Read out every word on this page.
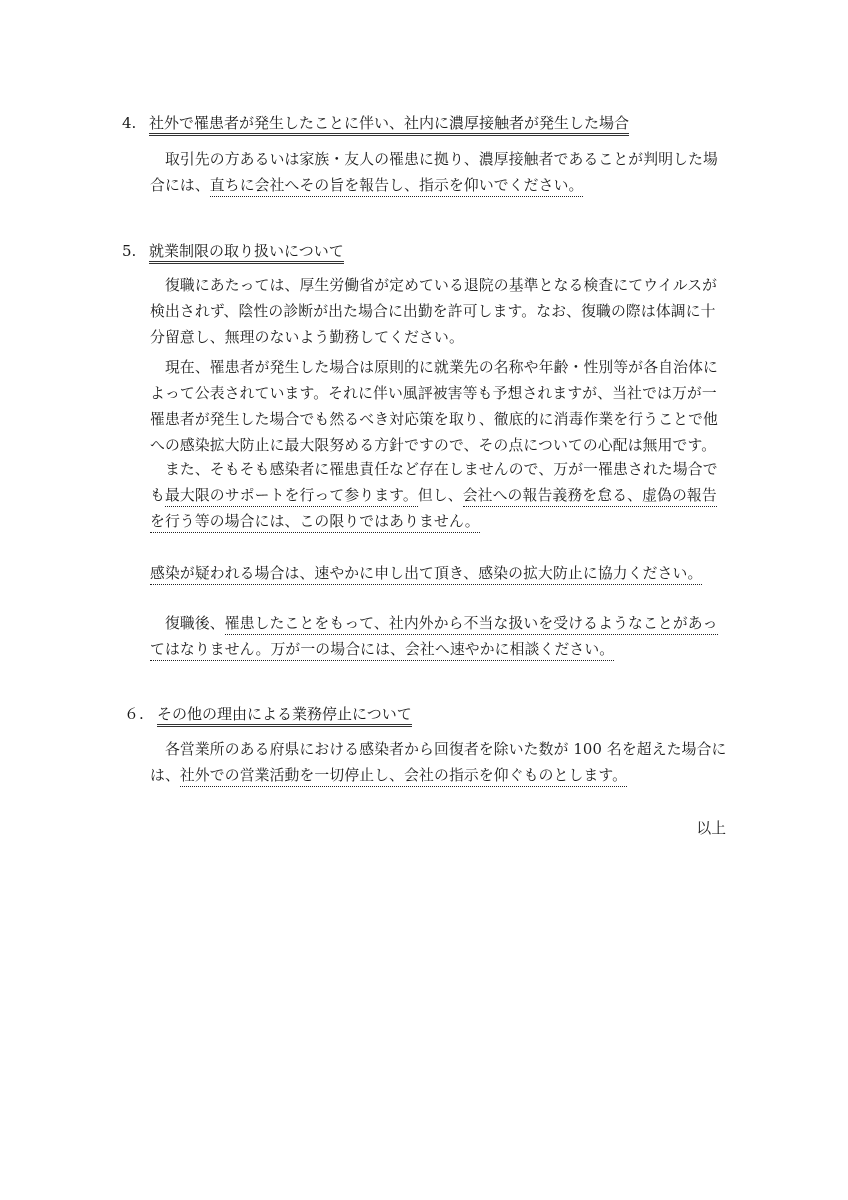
4. 社外で罹患者が発生したことに伴い、社内に濃厚接触者が発生した場合
　取引先の方あるいは家族・友人の罹患に拠り、濃厚接触者であることが判明した場
合には、直ちに会社へその旨を報告し、指示を仰いでください。
5. 就業制限の取り扱いについて
　復職にあたっては、厚生労働省が定めている退院の基準となる検査にてウイルスが
検出されず、陰性の診断が出た場合に出勤を許可します。なお、復職の際は体調に十
分留意し、無理のないよう勤務してください。
　現在、罹患者が発生した場合は原則的に就業先の名称や年齢・性別等が各自治体に
よって公表されています。それに伴い風評被害等も予想されますが、当社では万が一
罹患者が発生した場合でも然るべき対応策を取り、徹底的に消毒作業を行うことで他
への感染拡大防止に最大限努める方針ですので、その点についての心配は無用です。
　また、そもそも感染者に罹患責任など存在しませんので、万が一罹患された場合で
も最大限のサポートを行って参ります。但し、会社への報告義務を怠る、虚偽の報告
を行う等の場合には、この限りではありません。
感染が疑われる場合は、速やかに申し出て頂き、感染の拡大防止に協力ください。
　復職後、罹患したことをもって、社内外から不当な扱いを受けるようなことがあっ
てはなりません。万が一の場合には、会社へ速やかに相談ください。
６. その他の理由による業務停止について
　各営業所のある府県における感染者から回復者を除いた数が 100 名を超えた場合に
は、社外での営業活動を一切停止し、会社の指示を仰ぐものとします。
以上
